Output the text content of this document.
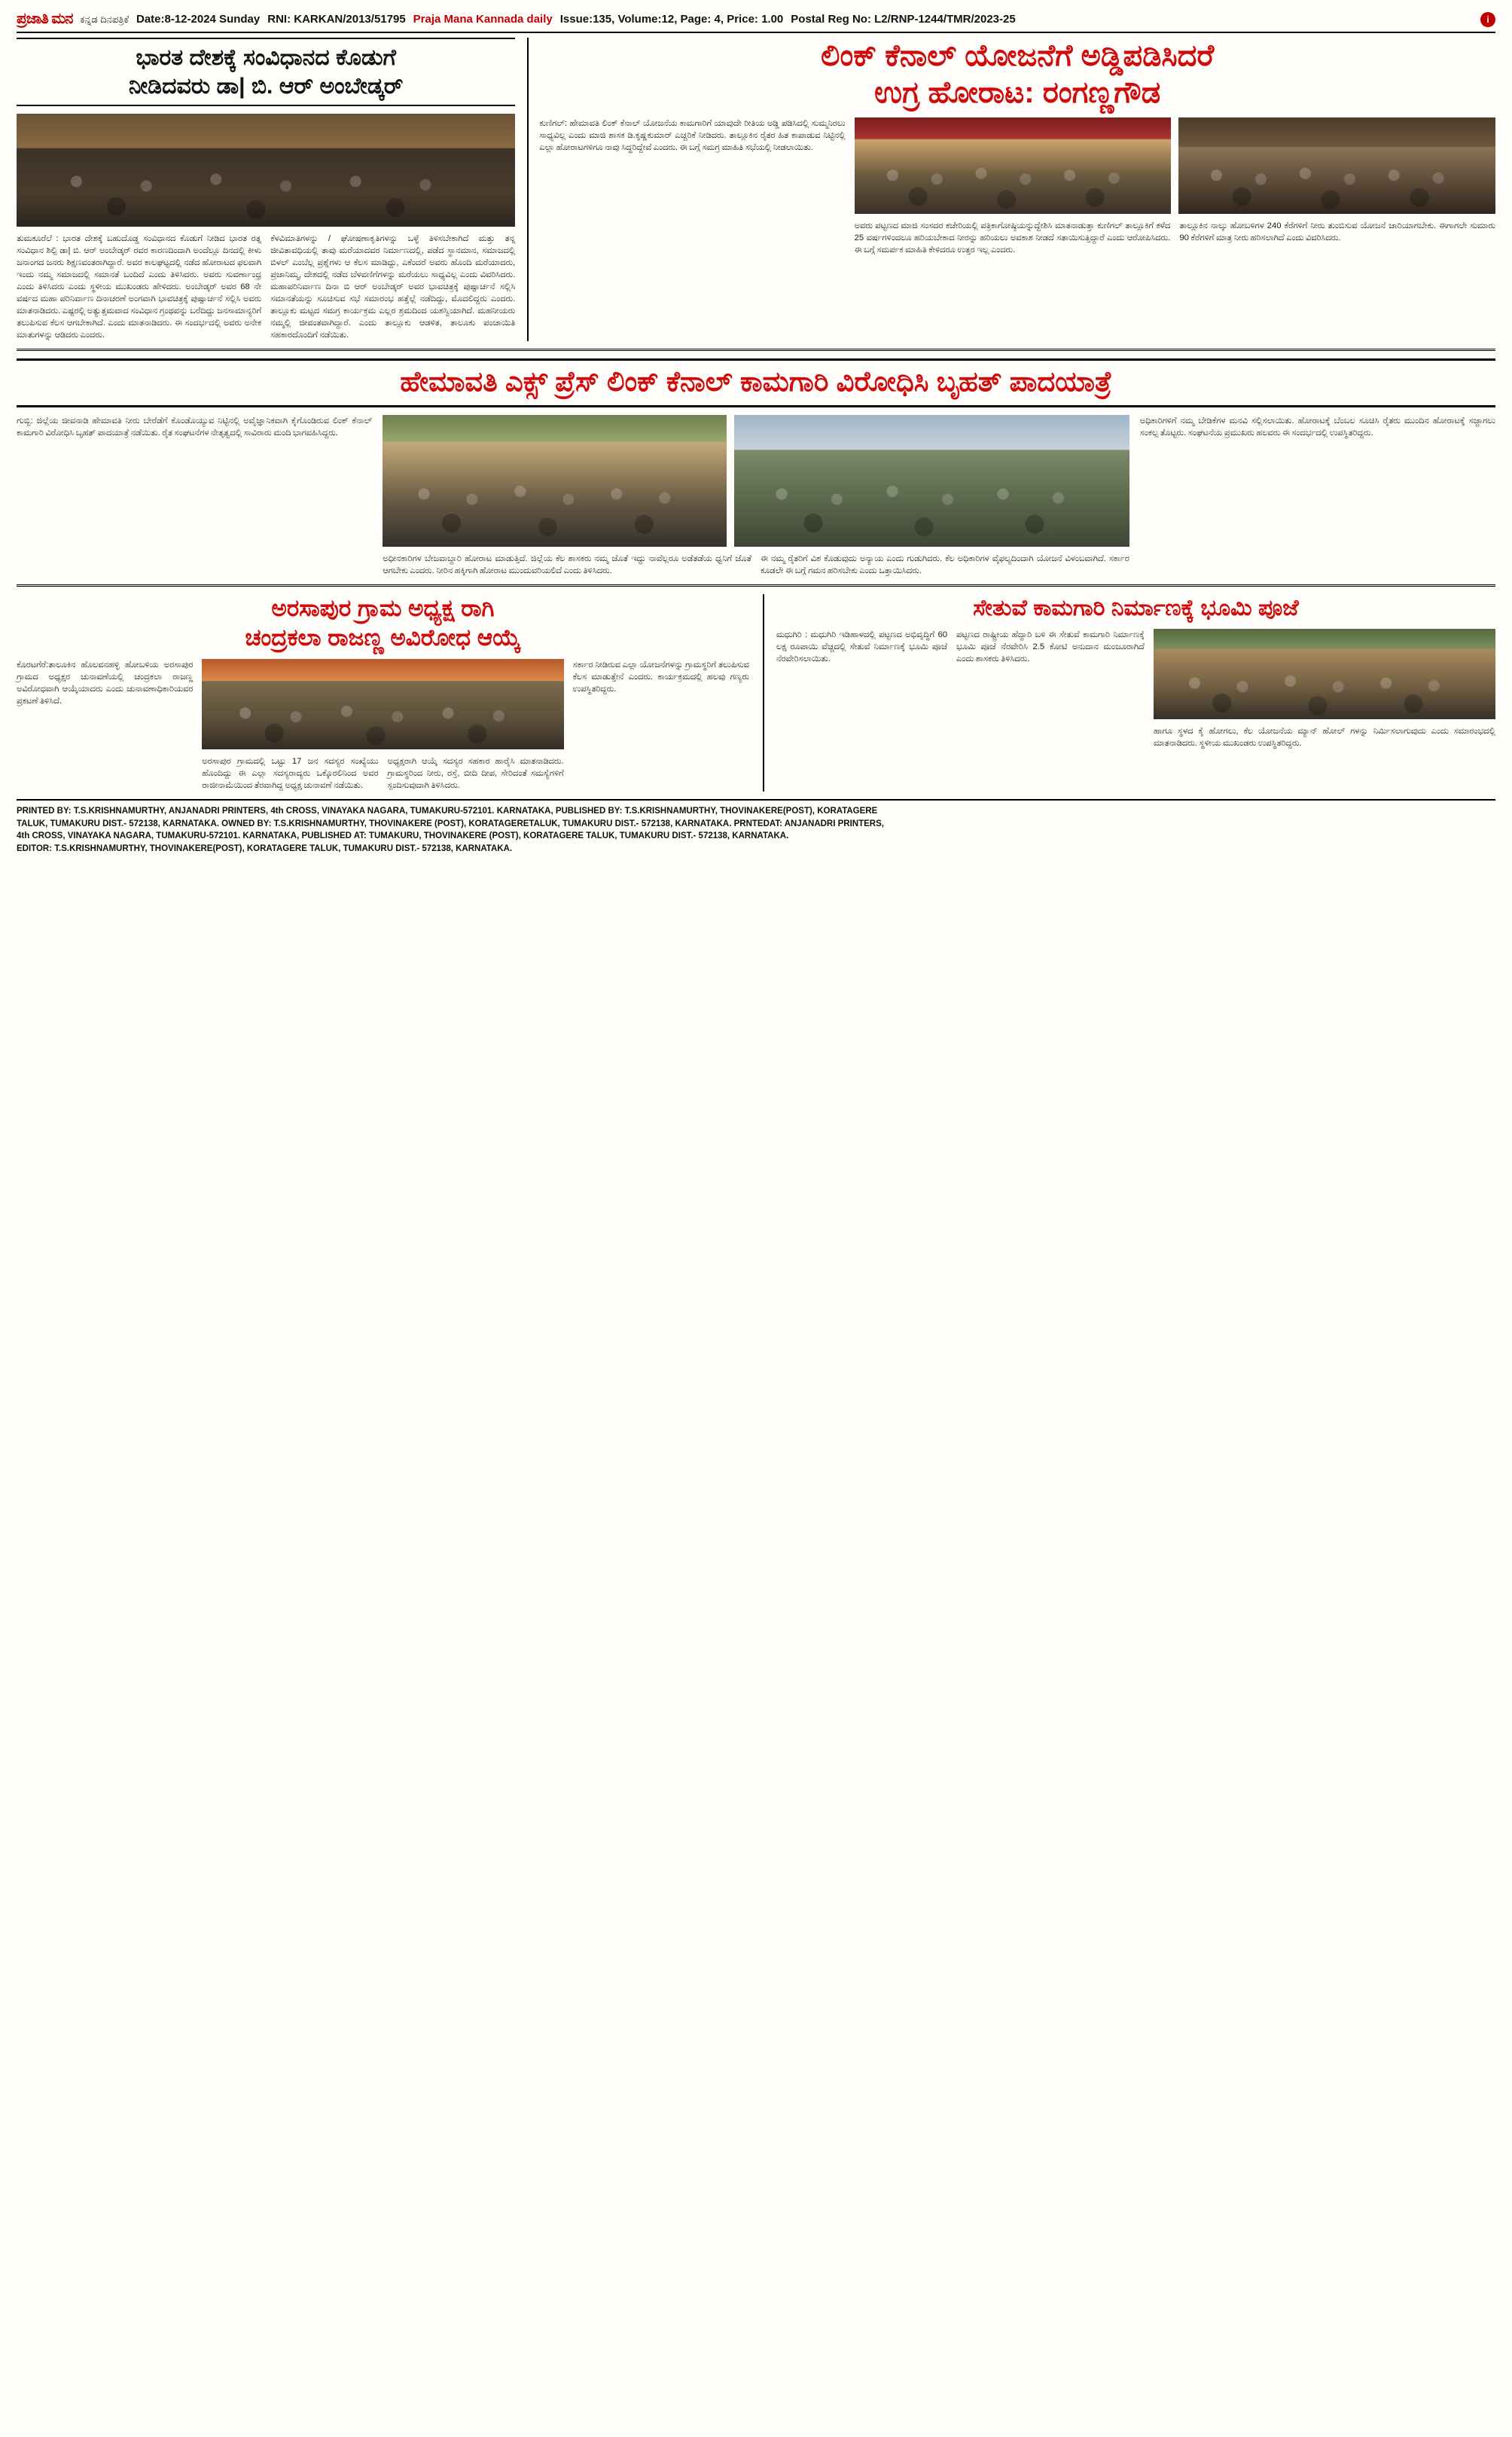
ಪ್ರಜಾತಿ ಮನ ಕನ್ನಡ ದಿನಪತ್ರಿಕೆ Date:8-12-2024 Sunday RNI: KARKAN/2013/51795 Praja Mana Kannada daily Issue:135, Volume:12, Page: 4, Price: 1.00 Postal Reg No: L2/RNP-1244/TMR/2023-25	i
ಭಾರತ ದೇಶಕ್ಕೆ ಸಂವಿಧಾನದ ಕೊಡುಗೆ
ನೀಡಿದವರು ಡಾ| ಬಿ. ಆರ್ ಅಂಬೇಡ್ಕರ್
ತುಮಕೂರೆಲೆ : ಭಾರತ ದೇಶಕ್ಕೆ ಬಹುದೊಡ್ಡ ಸಂವಿಧಾನದ ಕೊಡುಗೆ ನೀಡಿದ ಭಾರತ ರತ್ನ ಸಂವಿಧಾನ ಶಿಲ್ಪಿ ಡಾ| ಬಿ. ಆರ್ ಅಂಬೇಡ್ಕರ್ ರವರ ಕಾರಣದಿಂದಾಗಿ ಅಂದೆಲ್ಲೂ ದಿನದಲ್ಲಿ ಕೀಳು ಜನಾಂಗದ ಜನರು ಶಿಕ್ಷಣವಂತರಾಗಿದ್ದಾರೆ. ಅವರ ಕಾಲಘಟ್ಟದಲ್ಲಿ ನಡೆದ ಹೋರಾಟದ ಫಲವಾಗಿ ಇಂದು ನಮ್ಮ ಸಮಾಜದಲ್ಲಿ ಸಮಾನತೆ ಬಂದಿದೆ ಎಂದು ತಿಳಿಸಿದರು. ಅವರು ಸುವರ್ಣಾಂಧ್ರ ಎಂದು ತಿಳಿಸಿದರು ಎಂದು ಸ್ಥಳೀಯ ಮುಖಂಡರು ಹೇಳಿದರು. ಅಂಬೇಡ್ಕರ್ ಅವರ 68 ನೇ ವರ್ಷದ ಮಹಾ ಪರಿನಿರ್ವಾಣ ದಿನಾಚರಣೆ ಅಂಗವಾಗಿ ಭಾವಚಿತ್ರಕ್ಕೆ ಪುಷ್ಪಾರ್ಚನೆ ಸಲ್ಲಿಸಿ ಅವರು ಮಾತನಾಡಿದರು. ಎಷ್ಟರಲ್ಲಿ ಅತ್ಯುತ್ತಮವಾದ ಸಂವಿಧಾನ ಗ್ರಂಥವನ್ನು ಬರೆದಿದ್ದು ಜನಸಾಮಾನ್ಯರಿಗೆ ತಲುಪಿಸುವ ಕೆಲಸ ಆಗಬೇಕಾಗಿದೆ. ಎಂದು ಮಾತನಾಡಿದರು. ಈ ಸಂದರ್ಭದಲ್ಲಿ ಅವರು ಅನೇಕ ಮಾತುಗಳನ್ನು ಆಡಿದರು ಎಂದರು.
ಕೆಳವಿಮಾತಿಗಳನ್ನು / ಘೋಷಣಾಕೃತಿಗಳನ್ನು ಒಳ್ಳೆ ತಿಳಿಸಬೇಕಾಗಿದೆ ಮತ್ತು ತನ್ನ ಜೀವಿತಾವಧಿಯಲ್ಲಿ ತಾವು ಮರೆಯಾದವರ ನಿರ್ಮಾಣದಲ್ಲಿ, ಪಡೆದ ಸ್ಥಾನಮಾನ, ಸಮಾಜದಲ್ಲಿ ಬಿಳಲ್ ಎಂಬೆಲ್ಲ ಪ್ರಶ್ನೆಗಳು ಆ ಕೆಲಸ ಮಾಡಿದ್ದು, ಎಕೆಂದರೆ ಅವರು ಹೊಂದಿ ಮರೆಯಾದರು, ಪ್ರಜಾನಿಮ್ಮ, ದೇಶದಲ್ಲಿ ನಡೆದ ಬೆಳವಣಿಗೆಗಳನ್ನು ಮರೆಯಲು ಸಾಧ್ಯವಿಲ್ಲ ಎಂದು ವಿವರಿಸಿದರು. ಮಹಾಪರಿನಿರ್ವಾಣ ದಿನಾ ಬಿ ಆರ್ ಅಂಬೇಡ್ಕರ್ ಅವರ ಭಾವಚಿತ್ರಕ್ಕೆ ಪುಷ್ಪಾರ್ಚನೆ ಸಲ್ಲಿಸಿ ಸಮಾನತೆಯನ್ನು ಸೂಚಿಸುವ ಸಭೆ ಸಮಾರಂಭ ಹತ್ತೆಲ್ಲೆ ನಡೆದಿದ್ದು, ಮೊದಲಿದ್ದರು ಎಂದರು. ತಾಲ್ಲೂಕು ಮಟ್ಟದ ಸಮಗ್ರ ಕಾರ್ಯಕ್ರಮ ಎಲ್ಲರ ಶ್ರಮದಿಂದ ಯಶಸ್ವಿಯಾಗಿದೆ. ಮಹನೀಯರು ನಮ್ಮಲ್ಲಿ ಜೀವಂತವಾಗಿದ್ದಾರೆ. ಎಂದು ತಾಲ್ಲೂಕು ಆಡಳಿತ, ತಾಲೂಕು ಪಂಚಾಯಿತಿ ಸಹಕಾರದೊಂದಿಗೆ ನಡೆಯಿತು.
ಲಿಂಕ್ ಕೆನಾಲ್ ಯೋಜನೆಗೆ ಅಡ್ಡಿಪಡಿಸಿದರೆ
ಉಗ್ರ ಹೋರಾಟ: ರಂಗಣ್ಣಗೌಡ
ಕುಣಿಗಲ್: ಹೇಮಾವತಿ ಲಿಂಕ್ ಕೆನಾಲ್ ಯೋಜನೆಯ ಕಾಮಗಾರಿಗೆ ಯಾವುದೇ ರೀತಿಯ ಅಡ್ಡಿ ಪಡಿಸಿದಲ್ಲಿ ಸುಮ್ಮನಿರಲು ಸಾಧ್ಯವಿಲ್ಲ ಎಂದು ಮಾಜಿ ಶಾಸಕ ಡಿ.ಕೃಷ್ಣಕುಮಾರ್ ಎಚ್ಚರಿಕೆ ನೀಡಿದರು. ತಾಲ್ಲೂಕಿನ ರೈತರ ಹಿತ ಕಾಪಾಡುವ ನಿಟ್ಟಿನಲ್ಲಿ ಎಲ್ಲಾ ಹೋರಾಟಗಳಿಗೂ ನಾವು ಸಿದ್ಧರಿದ್ದೇವೆ ಎಂದರು. ಈ ಬಗ್ಗೆ ಸಮಗ್ರ ಮಾಹಿತಿ ಸಭೆಯಲ್ಲಿ ನೀಡಲಾಯಿತು.
ಅವರು ಪಟ್ಟಣದ ಮಾಜಿ ಸಂಸದರ ಕಚೇರಿಯಲ್ಲಿ ಪತ್ರಿಕಾಗೋಷ್ಠಿಯನ್ನುದ್ದೇಶಿಸಿ ಮಾತನಾಡುತ್ತಾ ಕುಣಿಗಲ್ ತಾಲ್ಲೂಕಿಗೆ ಕಳೆದ 25 ವರ್ಷಗಳಿಂದಲೂ ಹರಿಯಬೇಕಾದ ನೀರನ್ನು ಹರಿಯಲು ಅವಕಾಶ ನೀಡದೆ ಸತಾಯಿಸುತ್ತಿದ್ದಾರೆ ಎಂದು ಆರೋಪಿಸಿದರು. ಈ ಬಗ್ಗೆ ಸಮರ್ಪಕ ಮಾಹಿತಿ ಕೇಳಿದರೂ ಉತ್ತರ ಇಲ್ಲ ಎಂದರು.
ತಾಲ್ಲೂಕಿನ ನಾಲ್ಕು ಹೋಬಳಿಗಳ 240 ಕೆರೆಗಳಿಗೆ ನೀರು ತುಂಬಿಸುವ ಯೋಜನೆ ಜಾರಿಯಾಗಬೇಕು. ಈಗಾಗಲೇ ಸುಮಾರು 90 ಕೆರೆಗಳಿಗೆ ಮಾತ್ರ ನೀರು ಹರಿಸಲಾಗಿದೆ ಎಂದು ವಿವರಿಸಿದರು.
ಹೇಮಾವತಿ ಎಕ್ಸ್ ಪ್ರೆಸ್ ಲಿಂಕ್ ಕೆನಾಲ್ ಕಾಮಗಾರಿ ವಿರೋಧಿಸಿ ಬೃಹತ್ ಪಾದಯಾತ್ರೆ
ಗುಬ್ಬಿ: ಜಿಲ್ಲೆಯ ಜೀವನಾಡಿ ಹೇಮಾವತಿ ನೀರು ಬೇರೆಡೆಗೆ ಕೊಂಡೊಯ್ಯುವ ನಿಟ್ಟಿನಲ್ಲಿ ಅವೈಜ್ಞಾನಿಕವಾಗಿ ಕೈಗೊಂಡಿರುವ ಲಿಂಕ್ ಕೆನಾಲ್ ಕಾಮಗಾರಿ ವಿರೋಧಿಸಿ ಬೃಹತ್ ಪಾದಯಾತ್ರೆ ನಡೆಯಿತು. ರೈತ ಸಂಘಟನೆಗಳ ನೇತೃತ್ವದಲ್ಲಿ ಸಾವಿರಾರು ಮಂದಿ ಭಾಗವಹಿಸಿದ್ದರು.
ಅಧೀನಕಾರಿಗಳ ಬೇಜವಾಬ್ದಾರಿ ಹೋರಾಟ ಮಾಡುತ್ತಿದೆ. ಜಿಲ್ಲೆಯ ಕೆಲ ಶಾಸಕರು ನಮ್ಮ ಜೊತೆ ಇದ್ದು ನಾವೆಲ್ಲರೂ ಅಡೆತಡೆಯ ಧ್ವನಿಗೆ ಜೊತೆ ಆಗಬೇಕು ಎಂದರು. ನೀರಿನ ಹಕ್ಕಿಗಾಗಿ ಹೋರಾಟ ಮುಂದುವರಿಯಲಿದೆ ಎಂದು ತಿಳಿಸಿದರು.
ಈ ನಮ್ಮ ರೈತರಿಗೆ ವಿಶ ಕೊಡುವುದು ಅನ್ಯಾಯ ಎಂದು ಗುಡುಗಿದರು. ಕೆಲ ಅಧಿಕಾರಿಗಳ ವೈಫಲ್ಯದಿಂದಾಗಿ ಯೋಜನೆ ವಿಳಂಬವಾಗಿದೆ. ಸರ್ಕಾರ ಕೂಡಲೇ ಈ ಬಗ್ಗೆ ಗಮನ ಹರಿಸಬೇಕು ಎಂದು ಒತ್ತಾಯಿಸಿದರು.
ಅಧಿಕಾರಿಗಳಿಗೆ ನಮ್ಮ ಬೇಡಿಕೆಗಳ ಮನವಿ ಸಲ್ಲಿಸಲಾಯಿತು. ಹೋರಾಟಕ್ಕೆ ಬೆಂಬಲ ಸೂಚಿಸಿ ರೈತರು ಮುಂದಿನ ಹೋರಾಟಕ್ಕೆ ಸಜ್ಜಾಗಲು ಸಂಕಲ್ಪ ತೊಟ್ಟರು. ಸಂಘಟನೆಯ ಪ್ರಮುಖರು ಹಲವರು ಈ ಸಂದರ್ಭದಲ್ಲಿ ಉಪಸ್ಥಿತರಿದ್ದರು.
ಅರಸಾಪುರ ಗ್ರಾಮ ಅಧ್ಯಕ್ಷ ರಾಗಿ
ಚಂದ್ರಕಲಾ ರಾಜಣ್ಣ ಅವಿರೋಧ ಆಯ್ಕೆ
ಕೊರಟಗೆರೆ:ತಾಲೂಕಿನ ಹೊಲವನಹಳ್ಳಿ ಹೋಬಳಿಯ ಅರಸಾಪುರ ಗ್ರಾಮದ ಅಧ್ಯಕ್ಷರ ಚುನಾವಣೆಯಲ್ಲಿ ಚಂದ್ರಕಲಾ ರಾಜಣ್ಣ ಅವಿರೋಧವಾಗಿ ಆಯ್ಕೆಯಾದರು ಎಂದು ಚುನಾವಣಾಧಿಕಾರಿಯವರ ಪ್ರಕಟಣೆ ತಿಳಿಸಿದೆ.
ಅರಸಾಪುರ ಗ್ರಾಮದಲ್ಲಿ ಒಟ್ಟು 17 ಜನ ಸದಸ್ಯರ ಸಂಖ್ಯೆಯು ಹೊಂದಿದ್ದು ಈ ಎಲ್ಲಾ ಸದಸ್ಯರಾದ್ಯರು ಒಕ್ಕೊರಲಿನಿಂದ ಅವರ ರಾಜೀನಾಮೆಯಿಂದ ತೆರವಾಗಿದ್ದ ಅಧ್ಯಕ್ಷ ಚುನಾವಣೆ ನಡೆಯಿತು.
ಅಧ್ಯಕ್ಷರಾಗಿ ಆಯ್ಕೆ ಸದಸ್ಯರ ಸಹಕಾರ ಹಾರೈಸಿ ಮಾತನಾಡಿದರು. ಗ್ರಾಮಸ್ಥರಿಂದ ನೀರು, ರಸ್ತೆ, ಬೀದಿ ದೀಪ, ಸೇರಿದಂತೆ ಸಮಸ್ಯೆಗಳಿಗೆ ಸ್ಪಂದಿಸುವುದಾಗಿ ತಿಳಿಸಿದರು.
ಸರ್ಕಾರ ನೀಡಿರುವ ಎಲ್ಲಾ ಯೋಜನೆಗಳನ್ನು ಗ್ರಾಮಸ್ಥರಿಗೆ ತಲುಪಿಸುವ ಕೆಲಸ ಮಾಡುತ್ತೇನೆ ಎಂದರು. ಕಾರ್ಯಕ್ರಮದಲ್ಲಿ ಹಲವು ಗಣ್ಯರು ಉಪಸ್ಥಿತರಿದ್ದರು.
ಸೇತುವೆ ಕಾಮಗಾರಿ ನಿರ್ಮಾಣಕ್ಕೆ ಭೂಮಿ ಪೂಜೆ
ಮಧುಗಿರಿ : ಮಧುಗಿರಿ ಇಡಿಹಾಳದಲ್ಲಿ ಪಟ್ಟಣದ ಅಭಿವೃದ್ಧಿಗೆ 60 ಲಕ್ಷ ರೂಪಾಯಿ ವೆಚ್ಚದಲ್ಲಿ ಸೇತುವೆ ನಿರ್ಮಾಣಕ್ಕೆ ಭೂಮಿ ಪೂಜೆ ನೆರವೇರಿಸಲಾಯಿತು.
ಪಟ್ಟಣದ ರಾಷ್ಟ್ರೀಯ ಹೆದ್ದಾರಿ ಬಳಿ ಈ ಸೇತುವೆ ಕಾಮಗಾರಿ ನಿರ್ಮಾಣಕ್ಕೆ ಭೂಮಿ ಪೂಜೆ ನೆರವೇರಿಸಿ 2.5 ಕೋಟಿ ಅನುದಾನ ಮಂಜೂರಾಗಿದೆ ಎಂದು ಶಾಸಕರು ತಿಳಿಸಿದರು.
ಹಾಗೂ ಸ್ಥಳದ ಕೈ ಹೋಗಲು, ಕೆಲ ಯೋಜನೆಯ ಮ್ಯಾನ್ ಹೋಲ್ ಗಳನ್ನು ನಿರ್ಮಿಸಲಾಗುವುದು ಎಂದು ಸಮಾರಂಭದಲ್ಲಿ ಮಾತನಾಡಿದರು. ಸ್ಥಳೀಯ ಮುಖಂಡರು ಉಪಸ್ಥಿತರಿದ್ದರು.
PRINTED BY: T.S.KRISHNAMURTHY, ANJANADRI PRINTERS, 4th CROSS, VINAYAKA NAGARA, TUMAKURU-572101. KARNATAKA, PUBLISHED BY: T.S.KRISHNAMURTHY, THOVINAKERE(POST), KORATAGERE
TALUK, TUMAKURU DIST.- 572138, KARNATAKA. OWNED BY: T.S.KRISHNAMURTHY, THOVINAKERE (POST), KORATAGERETALUK, TUMAKURU DIST.- 572138, KARNATAKA. PRNTEDAT: ANJANADRI PRINTERS,
4th CROSS, VINAYAKA NAGARA, TUMAKURU-572101. KARNATAKA, PUBLISHED AT: TUMAKURU, THOVINAKERE (POST), KORATAGERE TALUK, TUMAKURU DIST.- 572138, KARNATAKA.
EDITOR: T.S.KRISHNAMURTHY, THOVINAKERE(POST), KORATAGERE TALUK, TUMAKURU DIST.- 572138, KARNATAKA.
